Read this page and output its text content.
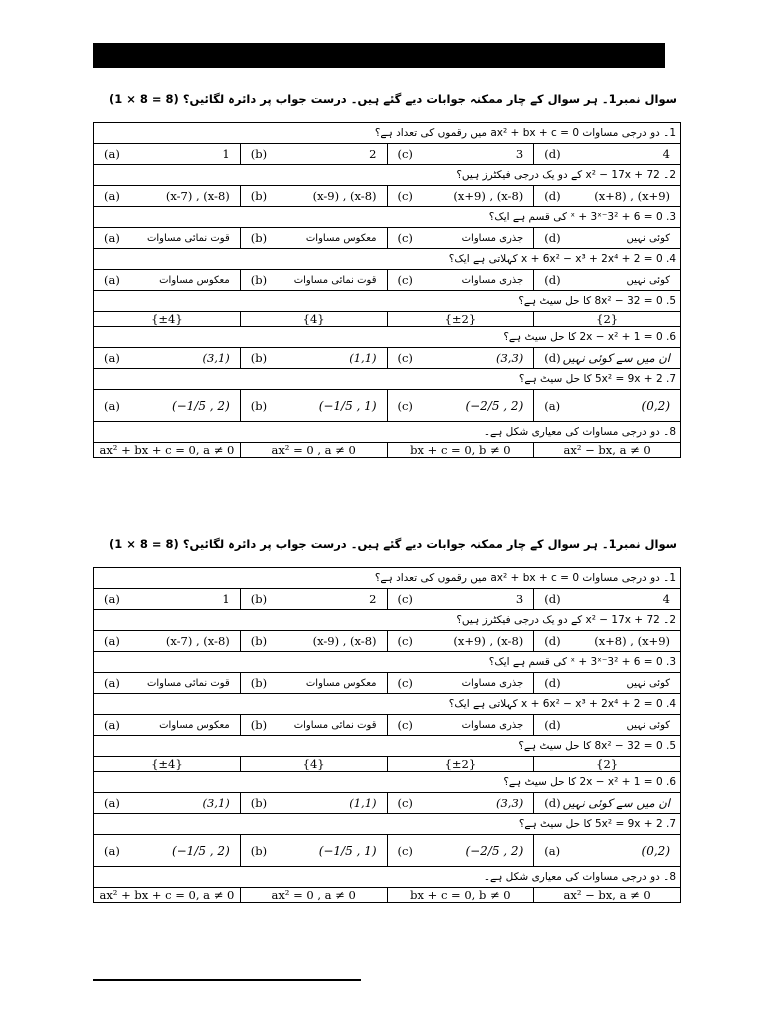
سوال نمبر1۔ ہر سوال کے چار ممکنہ جوابات دیے گئے ہیں۔ درست جواب پر دائرہ لگائیں؟ (1 × 8 = 8)
1۔ دو درجی مساوات 0 = ax² + bx + c میں رقموں کی تعداد ہے؟			

(a) 1	(b) 2	(c) 3	(d) 4

2۔ x² − 17x + 72 کے دو یک درجی فیکٹرز ہیں؟			

(a) (x-7) , (x-8)	(b) (x-9) , (x-8)	(c) (x+9) , (x-8)	(d) (x+8) , (x+9)

3. 0 = 6 + 3²⁻ˣ + 3ˣ کی قسم ہے ایک؟			

(a) قوت نمائی مساوات	(b) معکوس مساوات	(c) جذری مساوات	(d) کوئی نہیں

4. 0 = 2 + x + 6x² − x³ + 2x⁴ کہلاتی ہے ایک؟			

(a) معکوس مساوات	(b) قوت نمائی مساوات	(c) جذری مساوات	(d) کوئی نہیں

5. 0 = 32 − 8x² کا حل سیٹ ہے؟			

{±4}	{4}	{±2}	{2}

6. 0 = 1 + 2x − x² کا حل سیٹ ہے؟			

(a) (3,1)	(b) (1,1)	(c) (3,3)	(d) ان میں سے کوئی نہیں

7. 5x² = 9x + 2 کا حل سیٹ ہے؟			

(a) (−1/5 , 2)	(b) (−1/5 , 1)	(c) (−2/5 , 2)	(a) (0,2)

8۔ دو درجی مساوات کی معیاری شکل ہے۔			

ax² + bx + c = 0, a ≠ 0	ax² = 0 , a ≠ 0	bx + c = 0, b ≠ 0	ax² − bx, a ≠ 0
سوال نمبر1۔ ہر سوال کے چار ممکنہ جوابات دیے گئے ہیں۔ درست جواب پر دائرہ لگائیں؟ (1 × 8 = 8)
1۔ دو درجی مساوات 0 = ax² + bx + c میں رقموں کی تعداد ہے؟			

(a) 1	(b) 2	(c) 3	(d) 4

2۔ x² − 17x + 72 کے دو یک درجی فیکٹرز ہیں؟			

(a) (x-7) , (x-8)	(b) (x-9) , (x-8)	(c) (x+9) , (x-8)	(d) (x+8) , (x+9)

3. 0 = 6 + 3²⁻ˣ + 3ˣ کی قسم ہے ایک؟			

(a) قوت نمائی مساوات	(b) معکوس مساوات	(c) جذری مساوات	(d) کوئی نہیں

4. 0 = 2 + x + 6x² − x³ + 2x⁴ کہلاتی ہے ایک؟			

(a) معکوس مساوات	(b) قوت نمائی مساوات	(c) جذری مساوات	(d) کوئی نہیں

5. 0 = 32 − 8x² کا حل سیٹ ہے؟			

{±4}	{4}	{±2}	{2}

6. 0 = 1 + 2x − x² کا حل سیٹ ہے؟			

(a) (3,1)	(b) (1,1)	(c) (3,3)	(d) ان میں سے کوئی نہیں

7. 5x² = 9x + 2 کا حل سیٹ ہے؟			

(a) (−1/5 , 2)	(b) (−1/5 , 1)	(c) (−2/5 , 2)	(a) (0,2)

8۔ دو درجی مساوات کی معیاری شکل ہے۔			

ax² + bx + c = 0, a ≠ 0	ax² = 0 , a ≠ 0	bx + c = 0, b ≠ 0	ax² − bx, a ≠ 0
